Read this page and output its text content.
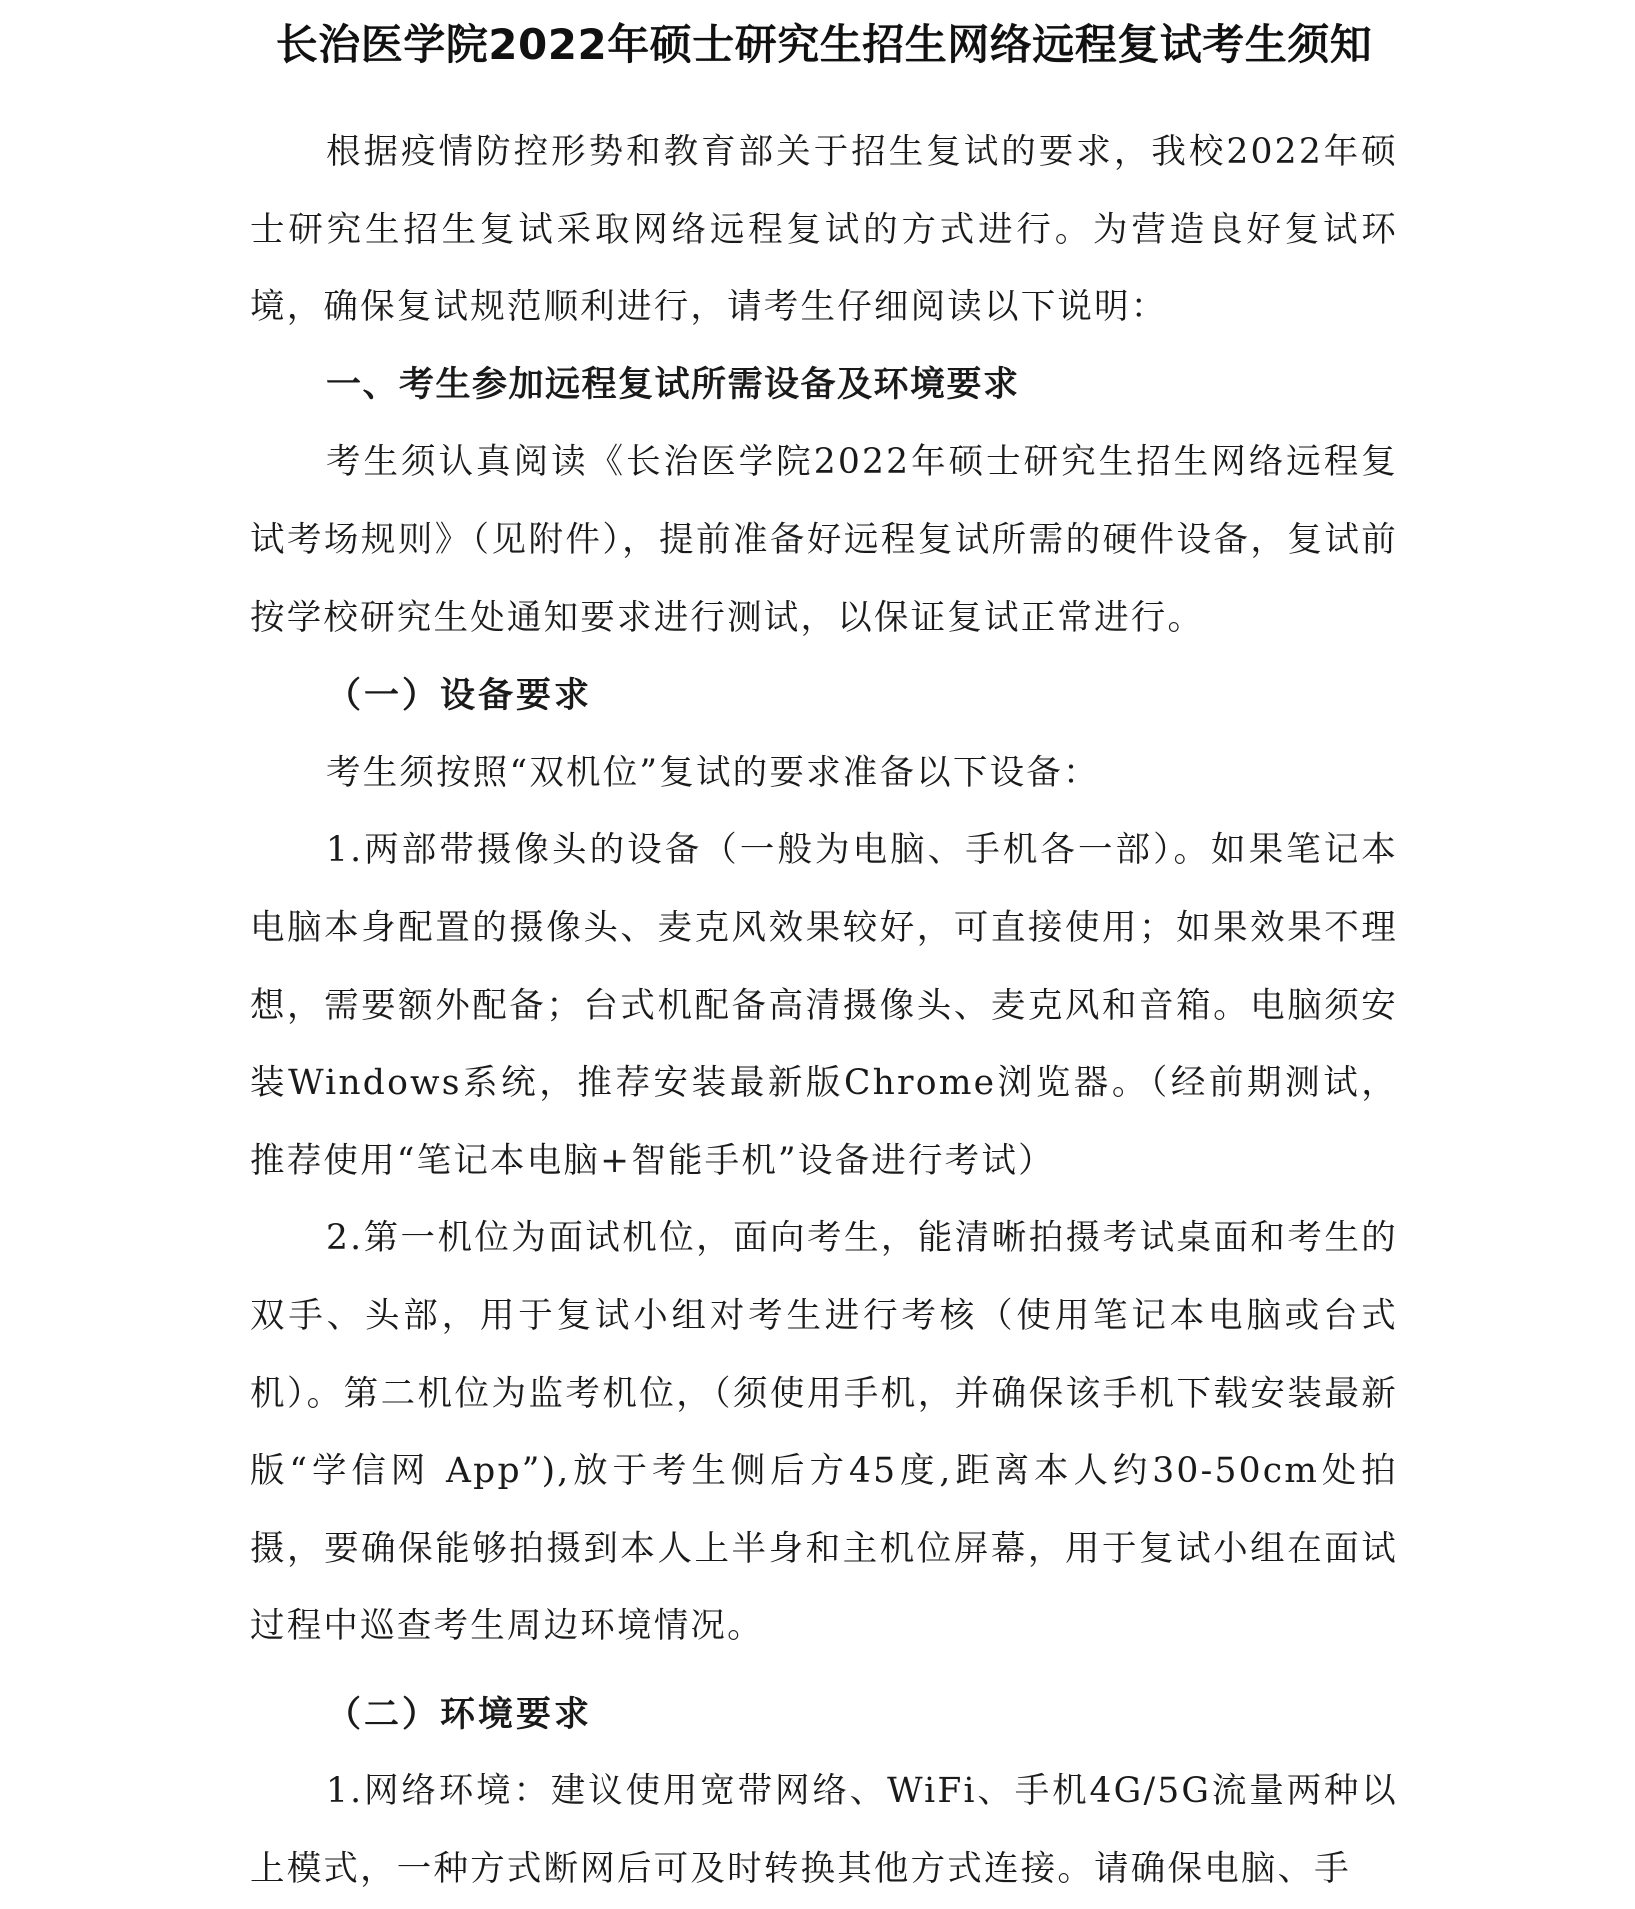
长治医学院2022年硕士研究生招生网络远程复试考生须知

根据疫情防控形势和教育部关于招生复试的要求，我校2022年硕士研究生招生复试采取网络远程复试的方式进行。为营造良好复试环境，确保复试规范顺利进行，请考生仔细阅读以下说明：

一、考生参加远程复试所需设备及环境要求

考生须认真阅读《长治医学院2022年硕士研究生招生网络远程复试考场规则》（见附件），提前准备好远程复试所需的硬件设备，复试前按学校研究生处通知要求进行测试，以保证复试正常进行。

（一）设备要求

考生须按照“双机位”复试的要求准备以下设备：

1.两部带摄像头的设备（一般为电脑、手机各一部）。如果笔记本电脑本身配置的摄像头、麦克风效果较好，可直接使用；如果效果不理想，需要额外配备；台式机配备高清摄像头、麦克风和音箱。电脑须安装Windows系统，推荐安装最新版Chrome浏览器。（经前期测试，推荐使用“笔记本电脑+智能手机”设备进行考试）

2.第一机位为面试机位，面向考生，能清晰拍摄考试桌面和考生的双手、头部，用于复试小组对考生进行考核（使用笔记本电脑或台式机）。第二机位为监考机位，（须使用手机，并确保该手机下载安装最新版“学信网 App”),放于考生侧后方45度,距离本人约30-50cm处拍摄，要确保能够拍摄到本人上半身和主机位屏幕，用于复试小组在面试过程中巡查考生周边环境情况。

（二）环境要求

1.网络环境：建议使用宽带网络、WiFi、手机4G/5G流量两种以上模式，一种方式断网后可及时转换其他方式连接。请确保电脑、手
